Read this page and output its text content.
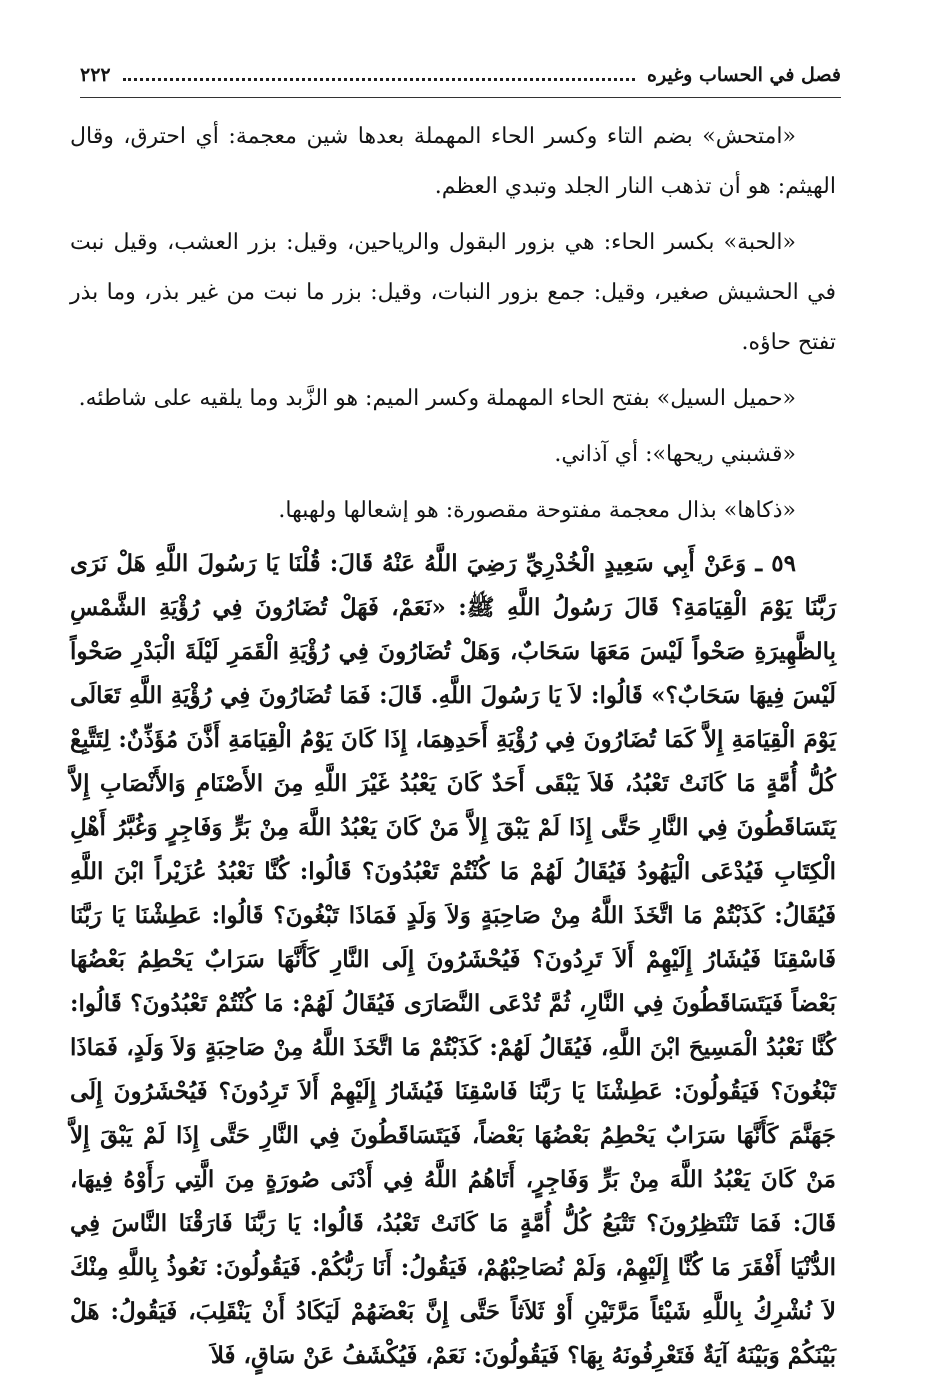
فصل في الحساب وغيره
٢٢٢

«امتحش» بضم التاء وكسر الحاء المهملة بعدها شين معجمة: أي احترق، وقال الهيثم: هو أن تذهب النار الجلد وتبدي العظم.

«الحبة» بكسر الحاء: هي بزور البقول والرياحين، وقيل: بزر العشب، وقيل نبت في الحشيش صغير، وقيل: جمع بزور النبات، وقيل: بزر ما نبت من غير بذر، وما بذر تفتح حاؤه.

«حميل السيل» بفتح الحاء المهملة وكسر الميم: هو الزَّبد وما يلقيه على شاطئه.

«قشبني ريحها»: أي آذاني.

«ذكاها» بذال معجمة مفتوحة مقصورة: هو إشعالها ولهبها.

٥٩ ـ وَعَنْ أَبِي سَعِيدٍ الْخُدْرِيِّ رَضِيَ اللَّهُ عَنْهُ قَالَ: قُلْنَا يَا رَسُولَ اللَّهِ هَلْ نَرَى رَبَّنَا يَوْمَ الْقِيَامَةِ؟ قَالَ رَسُولُ اللَّهِ ﷺ: «نَعَمْ، فَهَلْ تُضَارُونَ فِي رُؤْيَةِ الشَّمْسِ بِالظَّهِيرَةِ صَحْواً لَيْسَ مَعَهَا سَحَابٌ، وَهَلْ تُضَارُونَ فِي رُؤْيَةِ الْقَمَرِ لَيْلَةَ الْبَدْرِ صَحْواً لَيْسَ فِيهَا سَحَابٌ؟» قَالُوا: لاَ يَا رَسُولَ اللَّهِ. قَالَ: فَمَا تُضَارُونَ فِي رُؤْيَةِ اللَّهِ تَعَالَى يَوْمَ الْقِيَامَةِ إِلاَّ كَمَا تُضَارُونَ فِي رُؤْيَةِ أَحَدِهِمَا، إِذَا كَانَ يَوْمُ الْقِيَامَةِ أَذَّنَ مُؤَذِّنٌ: لِتَتَّبِعْ كُلُّ أُمَّةٍ مَا كَانَتْ تَعْبُدُ، فَلاَ يَبْقَى أَحَدٌ كَانَ يَعْبُدُ غَيْرَ اللَّهِ مِنَ الأَصْنَامِ وَالأَنْصَابِ إِلاَّ يَتَسَاقَطُونَ فِي النَّارِ حَتَّى إِذَا لَمْ يَبْقَ إِلاَّ مَنْ كَانَ يَعْبُدُ اللَّهَ مِنْ بَرٍّ وَفَاجِرٍ وَغُبَّرُ أَهْلِ الْكِتَابِ فَيُدْعَى الْيَهُودُ فَيُقَالُ لَهُمْ مَا كُنْتُمْ تَعْبُدُونَ؟ قَالُوا: كُنَّا نَعْبُدُ عُزَيْراً ابْنَ اللَّهِ فَيُقَالُ: كَذَبْتُمْ مَا اتَّخَذَ اللَّهُ مِنْ صَاحِبَةٍ وَلاَ وَلَدٍ فَمَاذَا تَبْغُونَ؟ قَالُوا: عَطِشْنَا يَا رَبَّنَا فَاسْقِنَا فَيُشَارُ إِلَيْهِمْ أَلاَ تَرِدُونَ؟ فَيُحْشَرُونَ إِلَى النَّارِ كَأَنَّهَا سَرَابٌ يَحْطِمُ بَعْضُهَا بَعْضاً فَيَتَسَاقَطُونَ فِي النَّارِ، ثُمَّ تُدْعَى النَّصَارَى فَيُقَالُ لَهُمْ: مَا كُنْتُمْ تَعْبُدُونَ؟ قَالُوا: كُنَّا نَعْبُدُ الْمَسِيحَ ابْنَ اللَّهِ، فَيُقَالُ لَهُمْ: كَذَبْتُمْ مَا اتَّخَذَ اللَّهُ مِنْ صَاحِبَةٍ وَلاَ وَلَدٍ، فَمَاذَا تَبْغُونَ؟ فَيَقُولُونَ: عَطِشْنَا يَا رَبَّنَا فَاسْقِنَا فَيُشَارُ إِلَيْهِمْ أَلاَ تَرِدُونَ؟ فَيُحْشَرُونَ إِلَى جَهَنَّمَ كَأَنَّهَا سَرَابٌ يَحْطِمُ بَعْضُهَا بَعْضاً، فَيَتَسَاقَطُونَ فِي النَّارِ حَتَّى إِذَا لَمْ يَبْقَ إِلاَّ مَنْ كَانَ يَعْبُدُ اللَّهَ مِنْ بَرٍّ وَفَاجِرٍ، أَتَاهُمُ اللَّهُ فِي أَدْنَى صُورَةٍ مِنَ الَّتِي رَأَوْهُ فِيهَا، قَالَ: فَمَا تَنْتَظِرُونَ؟ تَتْبَعُ كُلُّ أُمَّةٍ مَا كَانَتْ تَعْبُدُ، قَالُوا: يَا رَبَّنَا فَارَقْنَا النَّاسَ فِي الدُّنْيَا أَفْقَرَ مَا كُنَّا إِلَيْهِمْ، وَلَمْ نُصَاحِبْهُمْ، فَيَقُولُ: أَنَا رَبُّكُمْ. فَيَقُولُونَ: نَعُوذُ بِاللَّهِ مِنْكَ لاَ نُشْرِكُ بِاللَّهِ شَيْئاً مَرَّتَيْنِ أَوْ ثَلاَثاً حَتَّى إِنَّ بَعْضَهُمْ لَيَكَادُ أَنْ يَنْقَلِبَ، فَيَقُولُ: هَلْ بَيْنَكُمْ وَبَيْنَهُ آيَةٌ فَتَعْرِفُونَهُ بِهَا؟ فَيَقُولُونَ: نَعَمْ، فَيُكْشَفُ عَنْ سَاقٍ، فَلاَ
